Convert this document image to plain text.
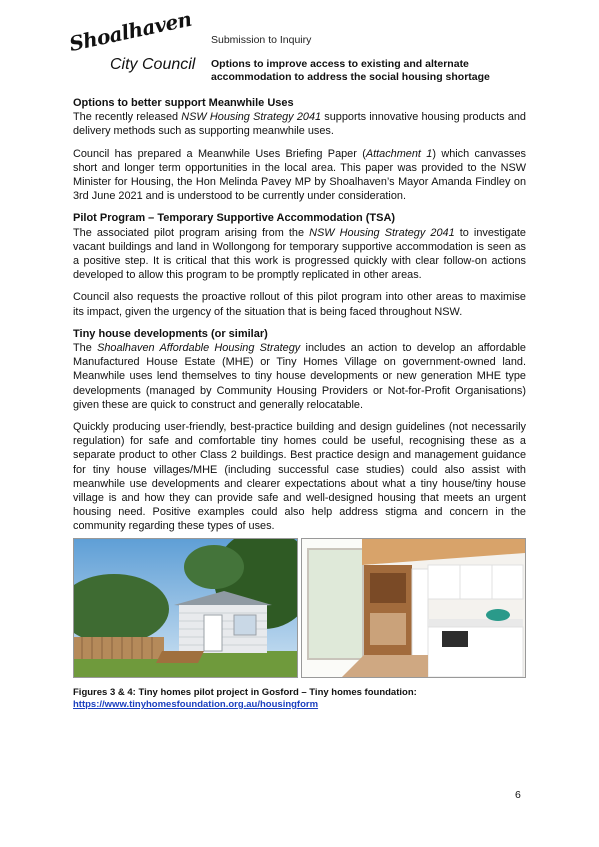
Shoalhaven
City Council
Submission to Inquiry
Options to improve access to existing and alternate
accommodation to address the social housing shortage
Options to better support Meanwhile Uses

The recently released NSW Housing Strategy 2041 supports innovative housing products and delivery methods such as supporting meanwhile uses.

Council has prepared a Meanwhile Uses Briefing Paper (Attachment 1) which canvasses short and longer term opportunities in the local area. This paper was provided to the NSW Minister for Housing, the Hon Melinda Pavey MP by Shoalhaven’s Mayor Amanda Findley on 3rd June 2021 and is understood to be currently under consideration.

Pilot Program – Temporary Supportive Accommodation (TSA)

The associated pilot program arising from the NSW Housing Strategy 2041 to investigate vacant buildings and land in Wollongong for temporary supportive accommodation is seen as a positive step. It is critical that this work is progressed quickly with clear follow-on actions developed to allow this program to be promptly replicated in other areas.

Council also requests the proactive rollout of this pilot program into other areas to maximise its impact, given the urgency of the situation that is being faced throughout NSW.

Tiny house developments (or similar)

The Shoalhaven Affordable Housing Strategy includes an action to develop an affordable Manufactured House Estate (MHE) or Tiny Homes Village on government-owned land. Meanwhile uses lend themselves to tiny house developments or new generation MHE type developments (managed by Community Housing Providers or Not-for-Profit Organisations) given these are quick to construct and generally relocatable.

Quickly producing user-friendly, best-practice building and design guidelines (not necessarily regulation) for safe and comfortable tiny homes could be useful, recognising these as a separate product to other Class 2 buildings. Best practice design and management guidance for tiny house villages/MHE (including successful case studies) could also assist with meanwhile use developments and clearer expectations about what a tiny house/tiny house village is and how they can provide safe and well-designed housing that meets an urgent housing need. Positive examples could also help address stigma and concern in the community regarding these types of uses.

Figures 3 & 4: Tiny homes pilot project in Gosford – Tiny homes foundation:
https://www.tinyhomesfoundation.org.au/housingform
6
